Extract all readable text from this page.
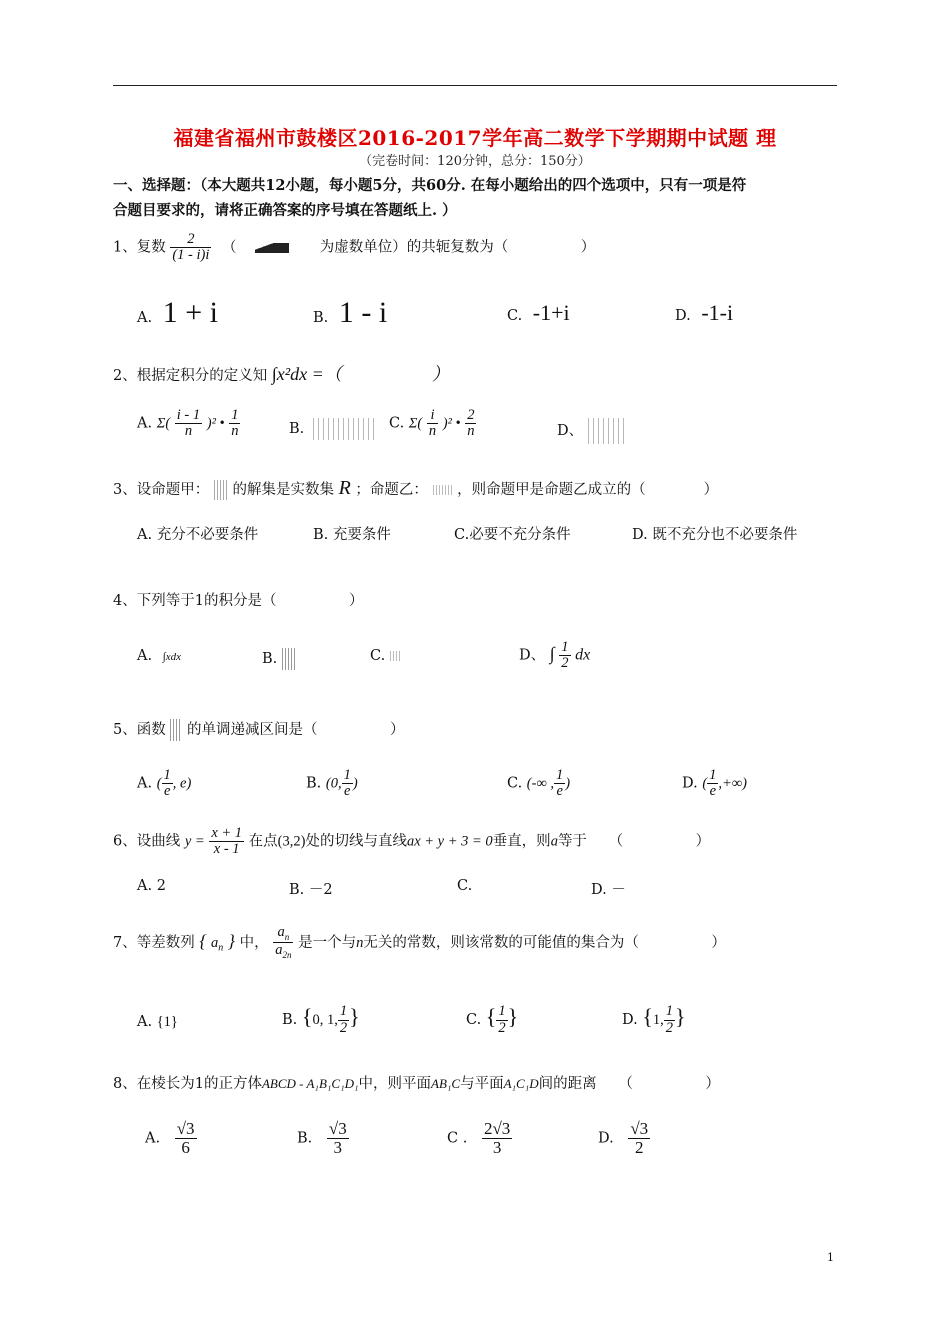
福建省福州市鼓楼区2016-2017学年高二数学下学期期中试题 理
（完卷时间：120分钟，总分：150分）
一、选择题：（本大题共12小题，每小题5分，共60分. 在每小题给出的四个选项中，只有一项是符
合题目要求的，请将正确答案的序号填在答题纸上. ）
1、复数 $\frac{2}{(1 - i)i}$ （	为虚数单位）的共轭复数为（　　　　　）
A. 1 + i	B. 1 - i	C. -1+i	D. -1-i
2、根据定积分的定义知 ∫x²dx =（　　　　　）
A. $\Sigma( \frac{i - 1}{n} )^2$ • $\frac{1}{n}$	B.	C. $\Sigma( \frac{i}{n} )^2$ • $\frac{2}{n}$	D、
3、设命题甲： 的解集是实数集 R ；命题乙： ，则命题甲是命题乙成立的（　　　　）
A. 充分不必要条件	B. 充要条件	C.必要不充分条件	D. 既不充分也不必要条件
4、下列等于1的积分是（　　　　　）
A. ∫xdx	B.	C.	D、 ∫ $\frac{1}{2}$ dx
5、函数 的单调递减区间是（　　　　　）
A. ( $\frac{1}{e}$ , e)	B. (0, $\frac{1}{e}$ )	C. (-∞ , $\frac{1}{e}$ )	D. ( $\frac{1}{e}$ ,+∞)
6、设曲线 $y = \frac{x + 1}{x - 1}$ 在点(3,2)处的切线与直线ax + y + 3 = 0垂直，则a等于　　（　　　　　）
A. 2	B. －2	C.	D. －
7、等差数列 { $a_n$ } 中， $\frac{a_n}{a_{2n}}$ 是一个与n无关的常数，则该常数的可能值的集合为（　　　　　）
A. {1}	B. {0, 1, $\frac{1}{2}$ }	C. { $\frac{1}{2}$ }	D. {1, $\frac{1}{2}$ }
8、在棱长为1的正方体ABCD - A₁B₁C₁D₁中，则平面AB₁C与平面A₁C₁D间的距离　　（　　　　　）
A. $\frac{√3}{6}$	B. $\frac{√3}{3}$	C . $\frac{2√3}{3}$	D. $\frac{√3}{2}$
1
